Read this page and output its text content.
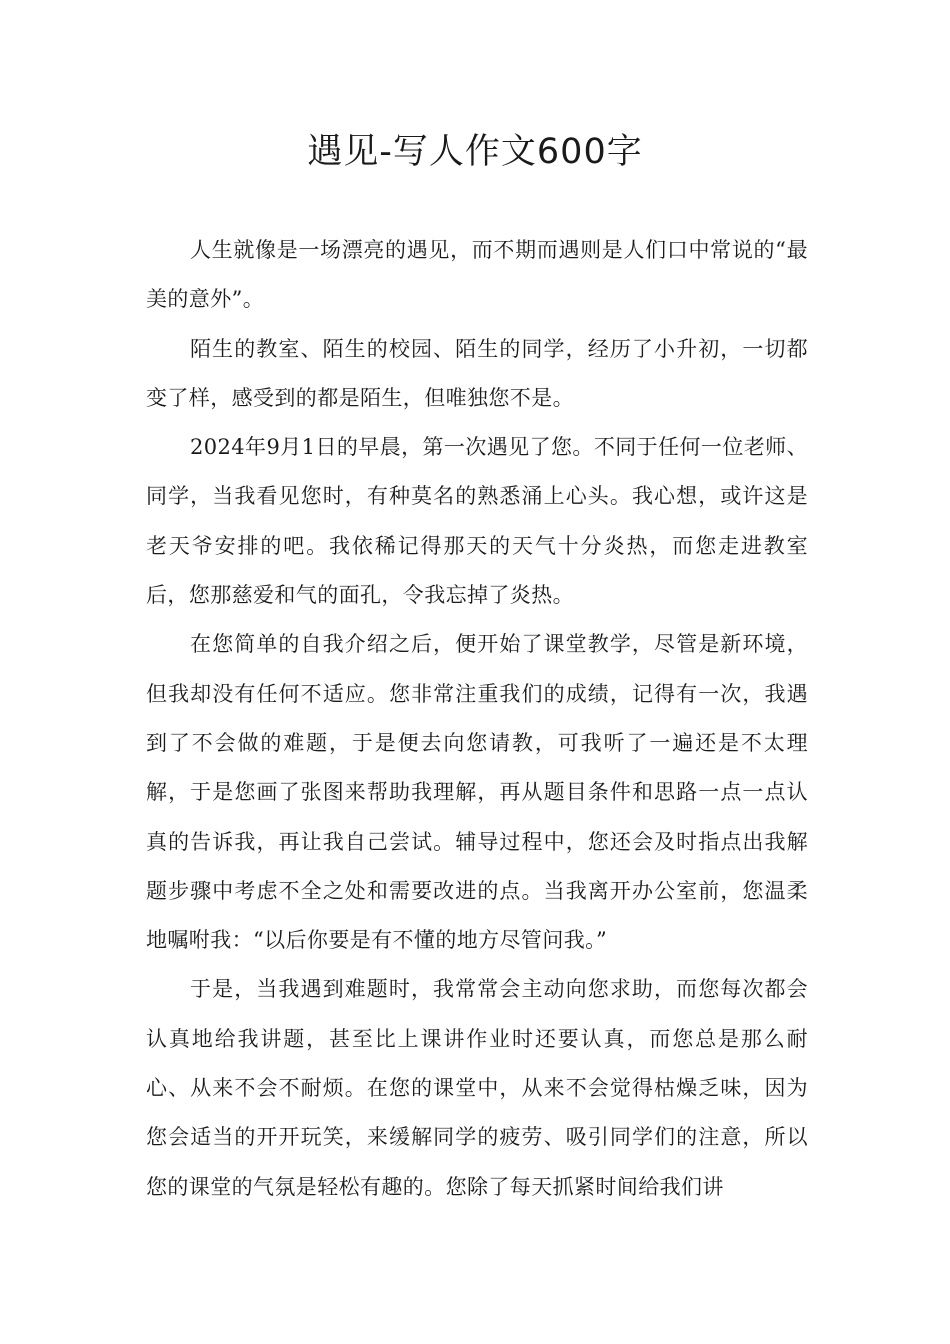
遇见-写人作文600字

人生就像是一场漂亮的遇见，而不期而遇则是人们口中常说的“最美的意外”。

陌生的教室、陌生的校园、陌生的同学，经历了小升初，一切都变了样，感受到的都是陌生，但唯独您不是。

2024年9月1日的早晨，第一次遇见了您。不同于任何一位老师、同学，当我看见您时，有种莫名的熟悉涌上心头。我心想，或许这是老天爷安排的吧。我依稀记得那天的天气十分炎热，而您走进教室后，您那慈爱和气的面孔，令我忘掉了炎热。

在您简单的自我介绍之后，便开始了课堂教学，尽管是新环境，但我却没有任何不适应。您非常注重我们的成绩，记得有一次，我遇到了不会做的难题，于是便去向您请教，可我听了一遍还是不太理解，于是您画了张图来帮助我理解，再从题目条件和思路一点一点认真的告诉我，再让我自己尝试。辅导过程中，您还会及时指点出我解题步骤中考虑不全之处和需要改进的点。当我离开办公室前，您温柔地嘱咐我：“以后你要是有不懂的地方尽管问我。”

于是，当我遇到难题时，我常常会主动向您求助，而您每次都会认真地给我讲题，甚至比上课讲作业时还要认真，而您总是那么耐心、从来不会不耐烦。在您的课堂中，从来不会觉得枯燥乏味，因为您会适当的开开玩笑，来缓解同学的疲劳、吸引同学们的注意，所以您的课堂的气氛是轻松有趣的。您除了每天抓紧时间给我们讲
